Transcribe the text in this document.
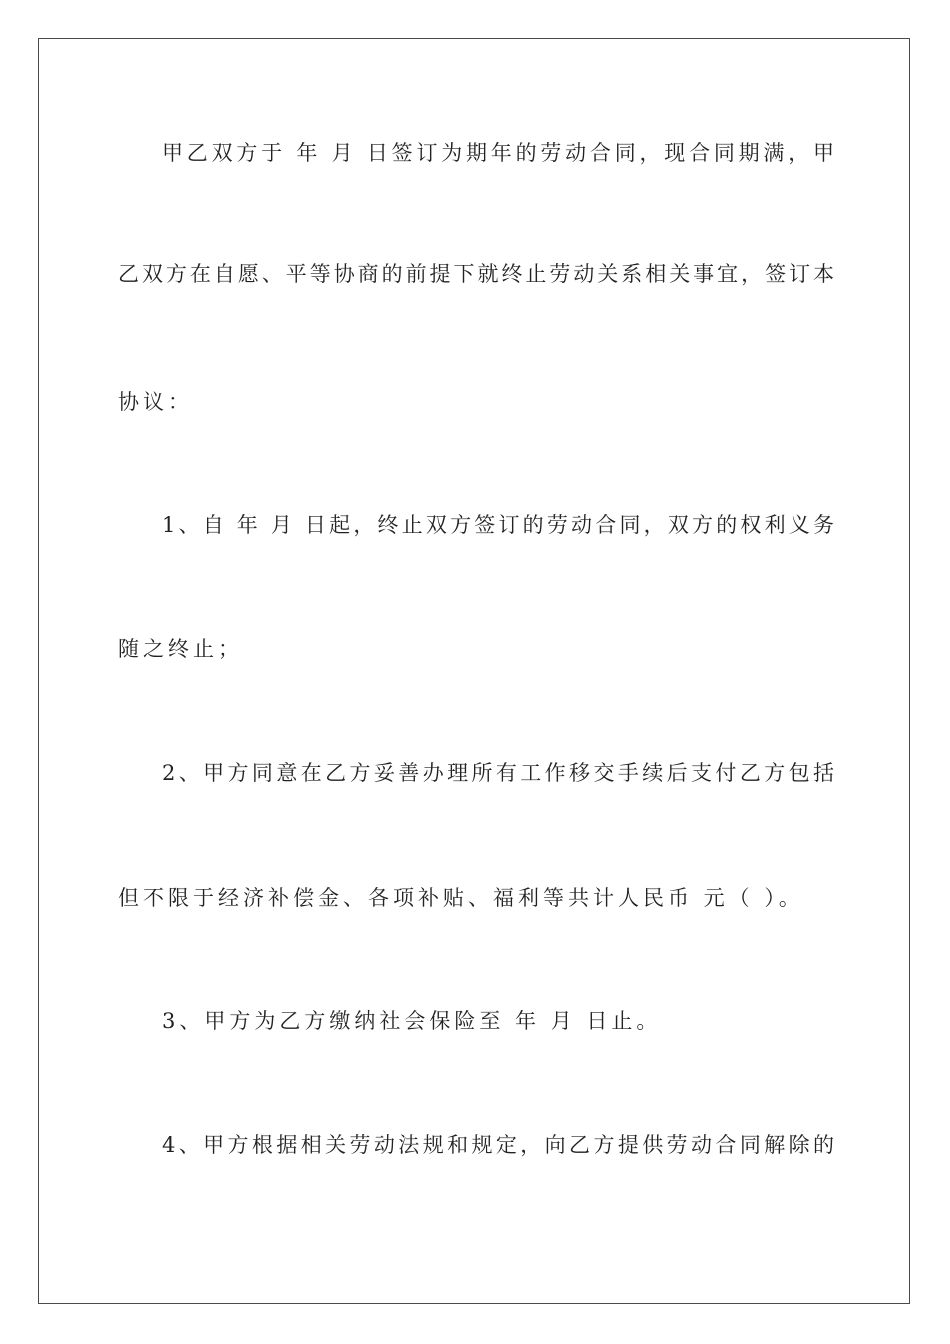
甲乙双方于 年 月 日签订为期年的劳动合同，现合同期满，甲
乙双方在自愿、平等协商的前提下就终止劳动关系相关事宜，签订本
协议：
1、自 年 月 日起，终止双方签订的劳动合同，双方的权利义务
随之终止；
2、甲方同意在乙方妥善办理所有工作移交手续后支付乙方包括
但不限于经济补偿金、各项补贴、福利等共计人民币 元（ ）。
3、甲方为乙方缴纳社会保险至 年 月 日止。
4、甲方根据相关劳动法规和规定，向乙方提供劳动合同解除的
